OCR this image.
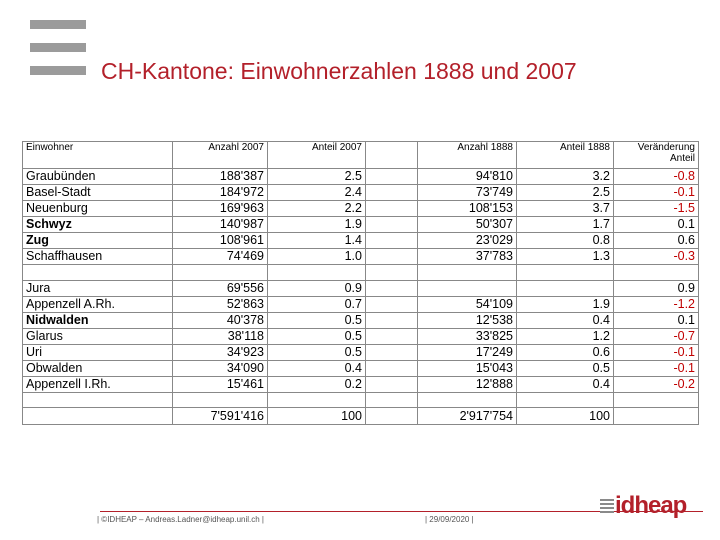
CH-Kantone: Einwohnerzahlen 1888 und 2007
Einwohner	Anzahl 2007	Anteil 2007		Anzahl 1888	Anteil 1888	Veränderung Anteil
Graubünden	188'387	2.5		94'810	3.2	-0.8
Basel-Stadt	184'972	2.4		73'749	2.5	-0.1
Neuenburg	169'963	2.2		108'153	3.7	-1.5
Schwyz	140'987	1.9		50'307	1.7	0.1
Zug	108'961	1.4		23'029	0.8	0.6
Schaffhausen	74'469	1.0		37'783	1.3	-0.3

Jura	69'556	0.9				0.9
Appenzell A.Rh.	52'863	0.7		54'109	1.9	-1.2
Nidwalden	40'378	0.5		12'538	0.4	0.1
Glarus	38'118	0.5		33'825	1.2	-0.7
Uri	34'923	0.5		17'249	0.6	-0.1
Obwalden	34'090	0.4		15'043	0.5	-0.1
Appenzell I.Rh.	15'461	0.2		12'888	0.4	-0.2

	7'591'416	100		2'917'754	100	
| ©IDHEAP – Andreas.Ladner@idheap.unil.ch |	| 29/09/2020 |
idheap
